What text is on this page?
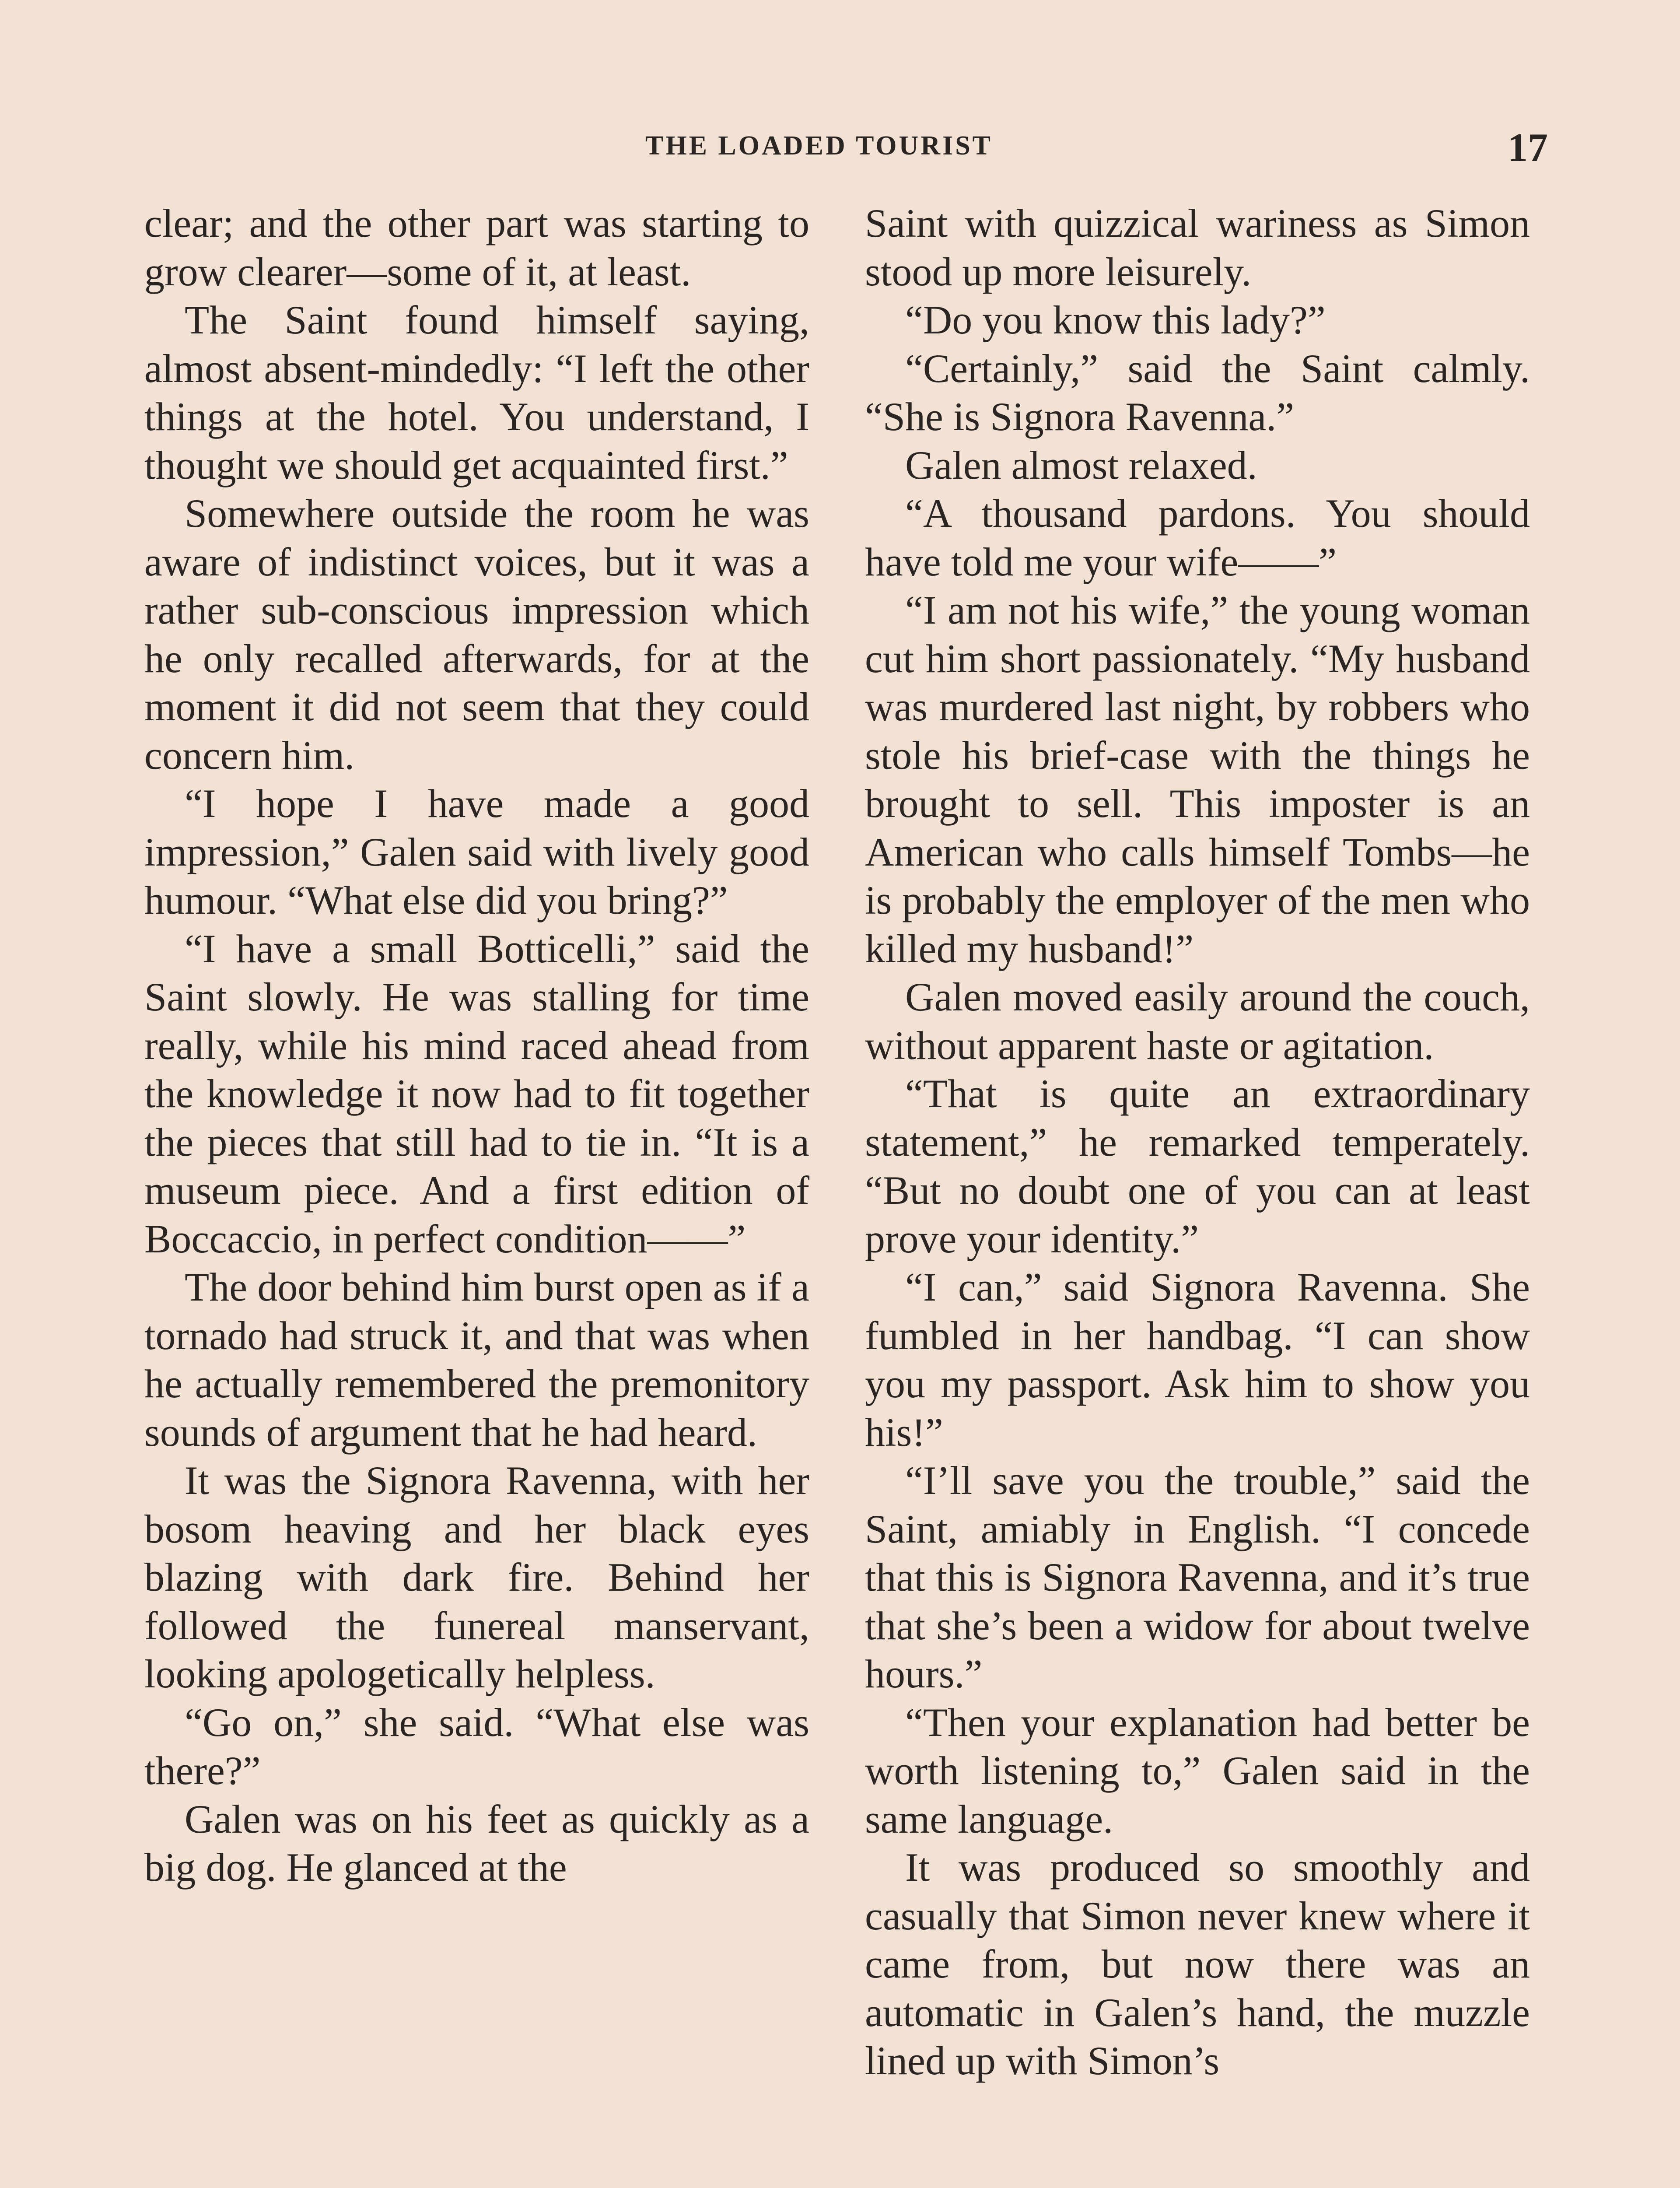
THE LOADED TOURIST	17

clear; and the other part was starting to grow clearer—some of it, at least.

The Saint found himself saying, almost absent-mindedly: “I left the other things at the hotel. You understand, I thought we should get acquainted first.”

Somewhere outside the room he was aware of indistinct voices, but it was a rather sub-conscious impression which he only recalled afterwards, for at the moment it did not seem that they could concern him.

“I hope I have made a good impression,” Galen said with lively good humour. “What else did you bring?”

“I have a small Botticelli,” said the Saint slowly. He was stalling for time really, while his mind raced ahead from the knowledge it now had to fit together the pieces that still had to tie in. “It is a museum piece. And a first edition of Boccaccio, in perfect condition——”

The door behind him burst open as if a tornado had struck it, and that was when he actually remembered the premonitory sounds of argument that he had heard.

It was the Signora Ravenna, with her bosom heaving and her black eyes blazing with dark fire. Behind her followed the funereal manservant, looking apologetically helpless.

“Go on,” she said. “What else was there?”

Galen was on his feet as quickly as a big dog. He glanced at the

Saint with quizzical wariness as Simon stood up more leisurely.

“Do you know this lady?”

“Certainly,” said the Saint calmly. “She is Signora Ravenna.”

Galen almost relaxed.

“A thousand pardons. You should have told me your wife——”

“I am not his wife,” the young woman cut him short passionately. “My husband was murdered last night, by robbers who stole his brief-case with the things he brought to sell. This imposter is an American who calls himself Tombs—he is probably the employer of the men who killed my husband!”

Galen moved easily around the couch, without apparent haste or agitation.

“That is quite an extraordinary statement,” he remarked temperately. “But no doubt one of you can at least prove your identity.”

“I can,” said Signora Ravenna. She fumbled in her handbag. “I can show you my passport. Ask him to show you his!”

“I’ll save you the trouble,” said the Saint, amiably in English. “I concede that this is Signora Ravenna, and it’s true that she’s been a widow for about twelve hours.”

“Then your explanation had better be worth listening to,” Galen said in the same language.

It was produced so smoothly and casually that Simon never knew where it came from, but now there was an automatic in Galen’s hand, the muzzle lined up with Simon’s
